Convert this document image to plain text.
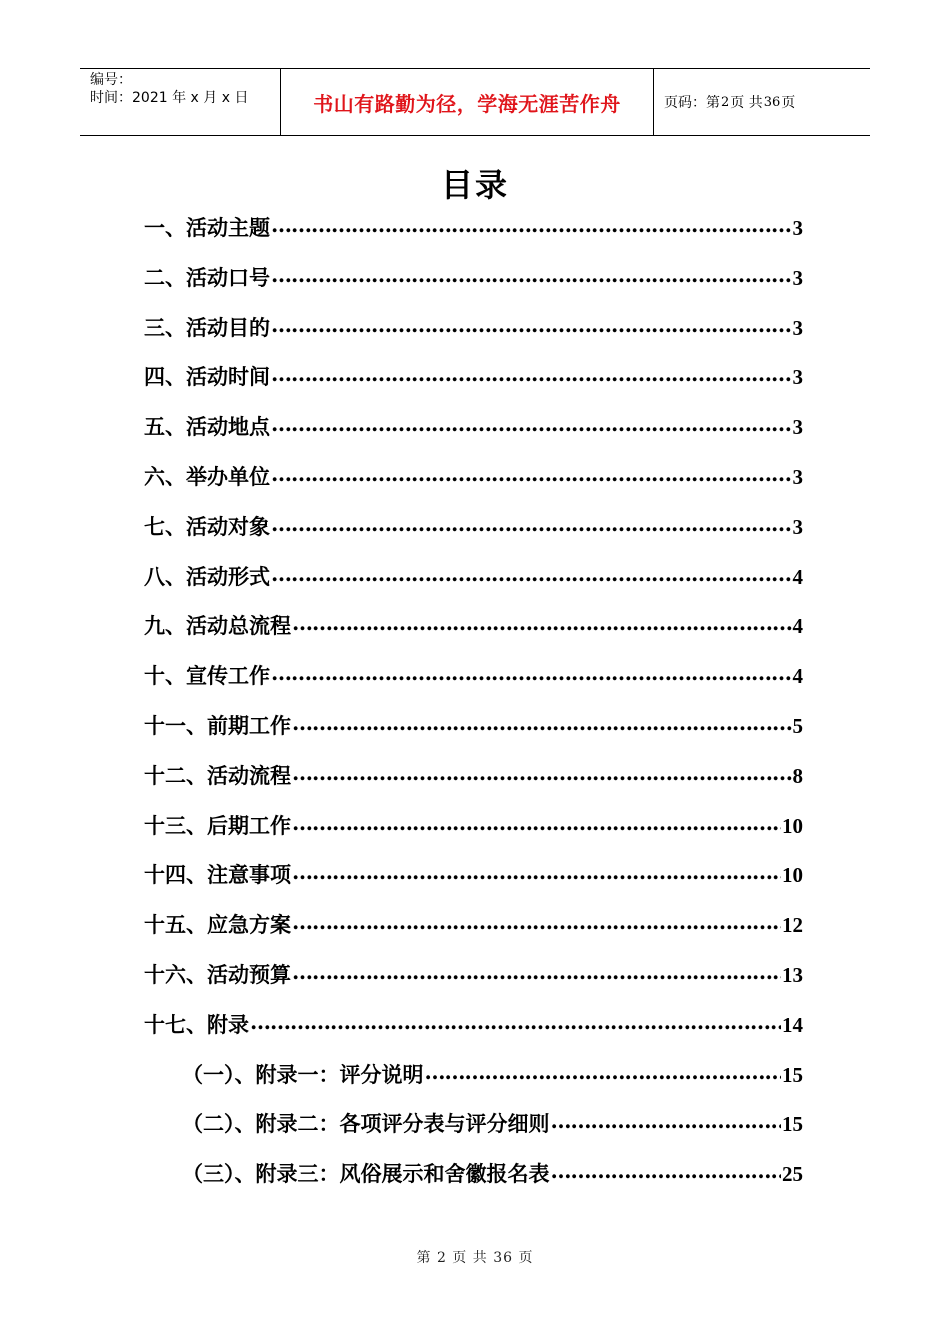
编号：
时间：2021 年 x 月 x 日	书山有路勤为径，学海无涯苦作舟	页码：第 2 页 共 36 页
目录
一、活动主题 …………………………………………………………………………………………………………………………………………………	3
二、活动口号 …………………………………………………………………………………………………………………………………………………	3
三、活动目的 …………………………………………………………………………………………………………………………………………………	3
四、活动时间 …………………………………………………………………………………………………………………………………………………	3
五、活动地点 …………………………………………………………………………………………………………………………………………………	3
六、举办单位 …………………………………………………………………………………………………………………………………………………	3
七、活动对象 …………………………………………………………………………………………………………………………………………………	3
八、活动形式 …………………………………………………………………………………………………………………………………………………	4
九、活动总流程 …………………………………………………………………………………………………………………………………………………	4
十、宣传工作 …………………………………………………………………………………………………………………………………………………	4
十一、前期工作 …………………………………………………………………………………………………………………………………………………	5
十二、活动流程 …………………………………………………………………………………………………………………………………………………	8
十三、后期工作 …………………………………………………………………………………………………………………………………………………	10
十四、注意事项 …………………………………………………………………………………………………………………………………………………	10
十五、应急方案 …………………………………………………………………………………………………………………………………………………	12
十六、活动预算 …………………………………………………………………………………………………………………………………………………	13
十七、附录 …………………………………………………………………………………………………………………………………………………	14
（一）、附录一：评分说明 …………………………………………………………………………………………………………………………………………………	15
（二）、附录二：各项评分表与评分细则 …………………………………………………………………………………………………………………………………………………	15
（三）、附录三：风俗展示和舍徽报名表 …………………………………………………………………………………………………………………………………………………	25
第 2 页 共 36 页
